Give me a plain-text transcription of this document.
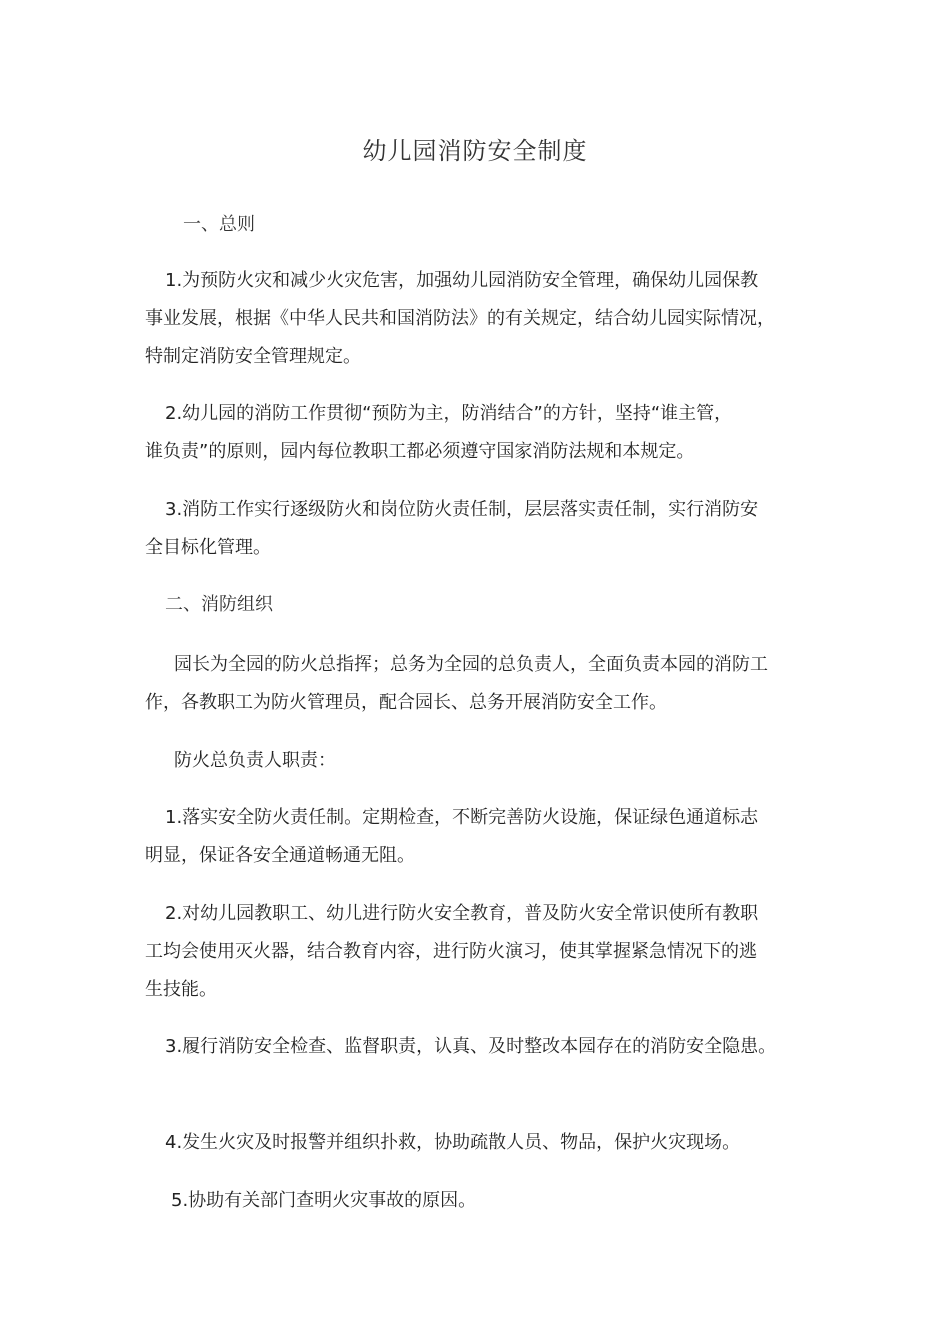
幼儿园消防安全制度
一、总则
1.为预防火灾和减少火灾危害，加强幼儿园消防安全管理，确保幼儿园保教
事业发展，根据《中华人民共和国消防法》的有关规定，结合幼儿园实际情况，
特制定消防安全管理规定。
2.幼儿园的消防工作贯彻“预防为主，防消结合”的方针，坚持“谁主管，
谁负责”的原则，园内每位教职工都必须遵守国家消防法规和本规定。
3.消防工作实行逐级防火和岗位防火责任制，层层落实责任制，实行消防安
全目标化管理。
二、消防组织
园长为全园的防火总指挥；总务为全园的总负责人，全面负责本园的消防工
作，各教职工为防火管理员，配合园长、总务开展消防安全工作。
防火总负责人职责：
1.落实安全防火责任制。定期检查，不断完善防火设施，保证绿色通道标志
明显，保证各安全通道畅通无阻。
2.对幼儿园教职工、幼儿进行防火安全教育，普及防火安全常识使所有教职
工均会使用灭火器，结合教育内容，进行防火演习，使其掌握紧急情况下的逃
生技能。
3.履行消防安全检查、监督职责，认真、及时整改本园存在的消防安全隐患。
4.发生火灾及时报警并组织扑救，协助疏散人员、物品，保护火灾现场。
5.协助有关部门查明火灾事故的原因。
